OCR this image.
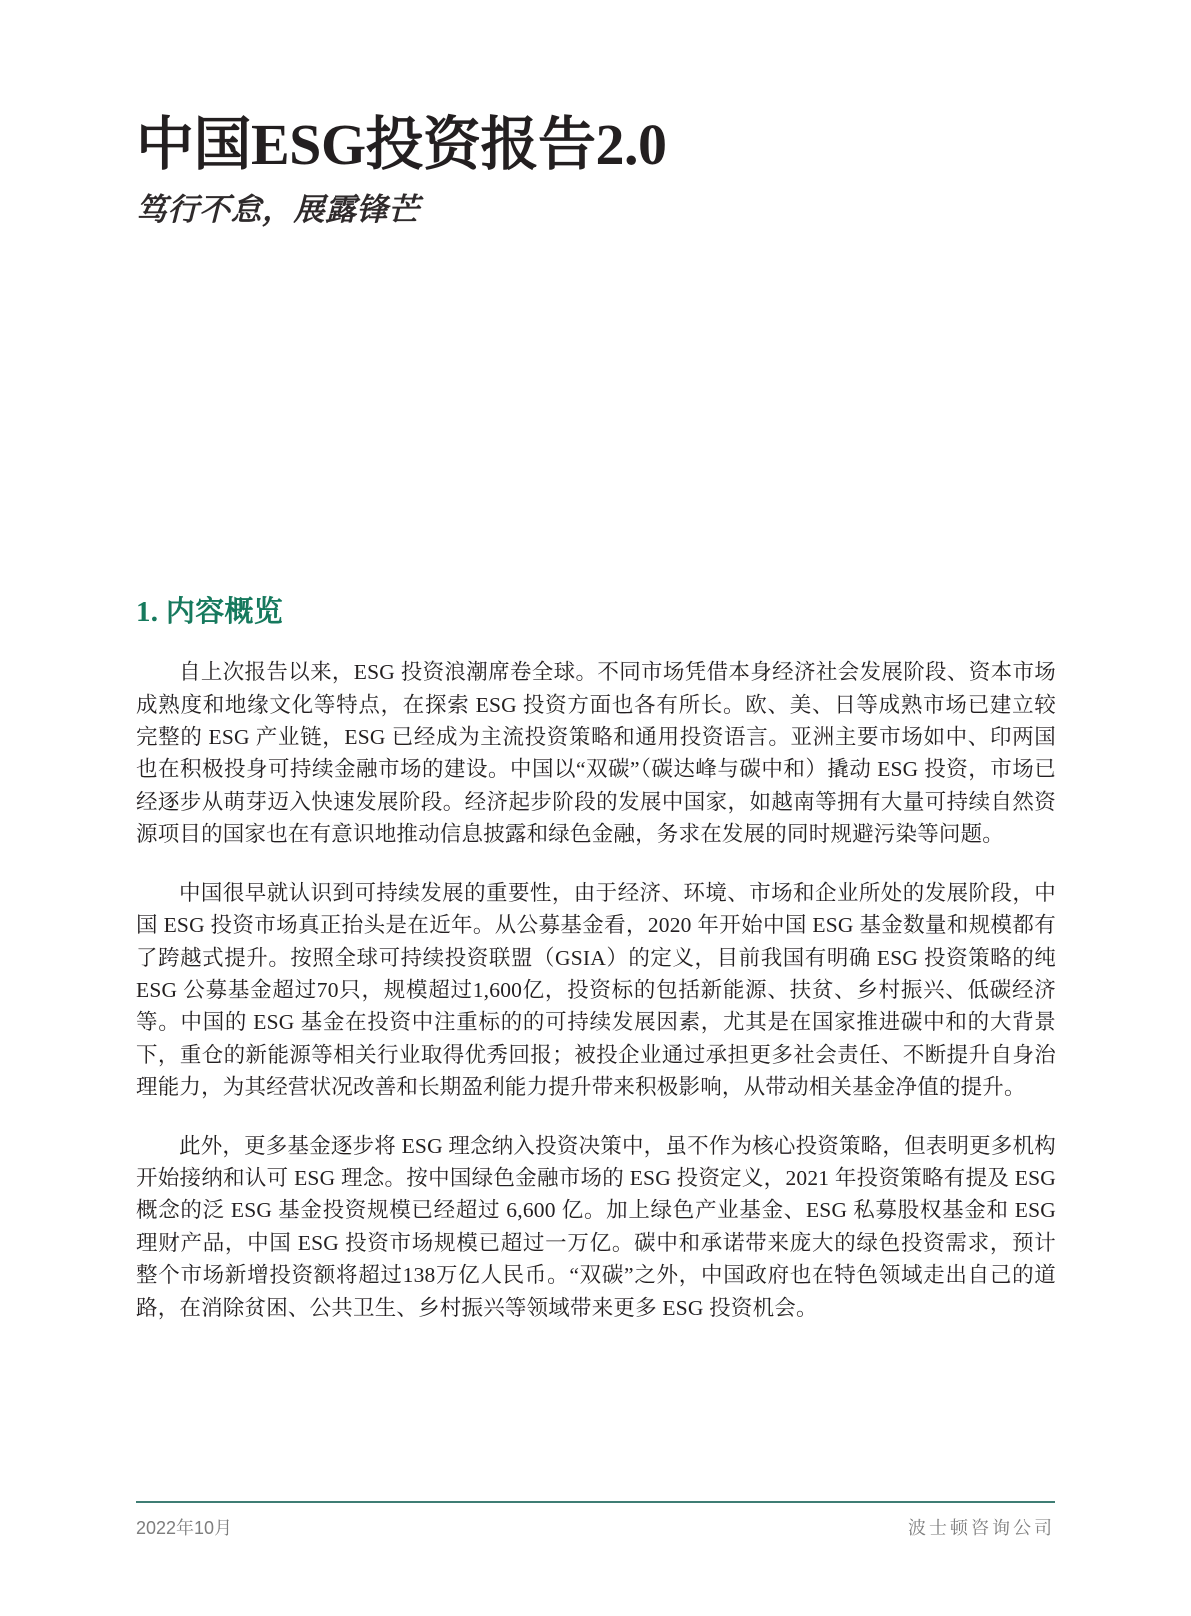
中国ESG投资报告2.0
笃行不怠，展露锋芒
1. 内容概览

自上次报告以来，ESG 投资浪潮席卷全球。不同市场凭借本身经济社会发展阶段、资本市场成熟度和地缘文化等特点，在探索 ESG 投资方面也各有所长。欧、美、日等成熟市场已建立较完整的 ESG 产业链，ESG 已经成为主流投资策略和通用投资语言。亚洲主要市场如中、印两国也在积极投身可持续金融市场的建设。中国以“双碳”（碳达峰与碳中和）撬动 ESG 投资，市场已经逐步从萌芽迈入快速发展阶段。经济起步阶段的发展中国家，如越南等拥有大量可持续自然资源项目的国家也在有意识地推动信息披露和绿色金融，务求在发展的同时规避污染等问题。

中国很早就认识到可持续发展的重要性，由于经济、环境、市场和企业所处的发展阶段，中国 ESG 投资市场真正抬头是在近年。从公募基金看，2020 年开始中国 ESG 基金数量和规模都有了跨越式提升。按照全球可持续投资联盟（GSIA）的定义，目前我国有明确 ESG 投资策略的纯 ESG 公募基金超过70只，规模超过1,600亿，投资标的包括新能源、扶贫、乡村振兴、低碳经济等。中国的 ESG 基金在投资中注重标的的可持续发展因素，尤其是在国家推进碳中和的大背景下，重仓的新能源等相关行业取得优秀回报；被投企业通过承担更多社会责任、不断提升自身治理能力，为其经营状况改善和长期盈利能力提升带来积极影响，从带动相关基金净值的提升。

此外，更多基金逐步将 ESG 理念纳入投资决策中，虽不作为核心投资策略，但表明更多机构开始接纳和认可 ESG 理念。按中国绿色金融市场的 ESG 投资定义，2021 年投资策略有提及 ESG 概念的泛 ESG 基金投资规模已经超过 6,600 亿。加上绿色产业基金、ESG 私募股权基金和 ESG 理财产品，中国 ESG 投资市场规模已超过一万亿。碳中和承诺带来庞大的绿色投资需求，预计整个市场新增投资额将超过138万亿人民币。“双碳”之外，中国政府也在特色领域走出自己的道路，在消除贫困、公共卫生、乡村振兴等领域带来更多 ESG 投资机会。

2022年10月	波士顿咨询公司
